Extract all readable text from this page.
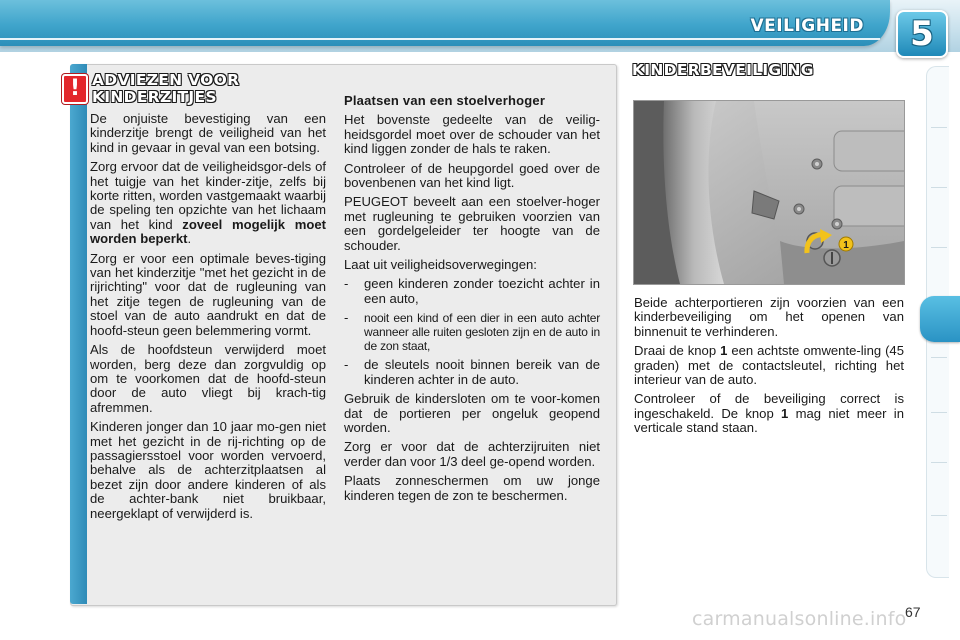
VEILIGHEID 5
! ADVIEZEN VOOR
KINDERZITJES

De onjuiste bevestiging van een kinderzitje brengt de veiligheid van het kind in gevaar in geval van een botsing.

Zorg ervoor dat de veiligheidsgor-dels of het tuigje van het kinder-zitje, zelfs bij korte ritten, worden vastgemaakt waarbij de speling ten opzichte van het lichaam van het kind zoveel mogelijk moet worden beperkt.

Zorg er voor een optimale beves-tiging van het kinderzitje "met het gezicht in de rijrichting" voor dat de rugleuning van het zitje tegen de rugleuning van de stoel van de auto aandrukt en dat de hoofd-steun geen belemmering vormt.

Als de hoofdsteun verwijderd moet worden, berg deze dan zorgvuldig op om te voorkomen dat de hoofd-steun door de auto vliegt bij krach-tig afremmen.

Kinderen jonger dan 10 jaar mo-gen niet met het gezicht in de rij-richting op de passagiersstoel voor worden vervoerd, behalve als de achterzitplaatsen al bezet zijn door andere kinderen of als de achter-bank niet bruikbaar, neergeklapt of verwijderd is.

Plaatsen van een stoelverhoger

Het bovenste gedeelte van de veilig-heidsgordel moet over de schouder van het kind liggen zonder de hals te raken.

Controleer of de heupgordel goed over de bovenbenen van het kind ligt.

PEUGEOT beveelt aan een stoelver-hoger met rugleuning te gebruiken voorzien van een gordelgeleider ter hoogte van de schouder.

Laat uit veiligheidsoverwegingen:

-	geen kinderen zonder toezicht achter in een auto,
-	nooit een kind of een dier in een auto achter wanneer alle ruiten gesloten zijn en de auto in de zon staat,
-	de sleutels nooit binnen bereik van de kinderen achter in de auto.

Gebruik de kindersloten om te voor-komen dat de portieren per ongeluk geopend worden.

Zorg er voor dat de achterzijruiten niet verder dan voor 1/3 deel ge-opend worden.

Plaats zonneschermen om uw jonge kinderen tegen de zon te beschermen.

KINDERBEVEILIGING
1

Beide achterportieren zijn voorzien van een kinderbeveiliging om het openen van binnenuit te verhinderen.

Draai de knop 1 een achtste omwente-ling (45 graden) met de contactsleutel, richting het interieur van de auto.

Controleer of de beveiliging correct is ingeschakeld. De knop 1 mag niet meer in verticale stand staan.

carmanualsonline.info
67
